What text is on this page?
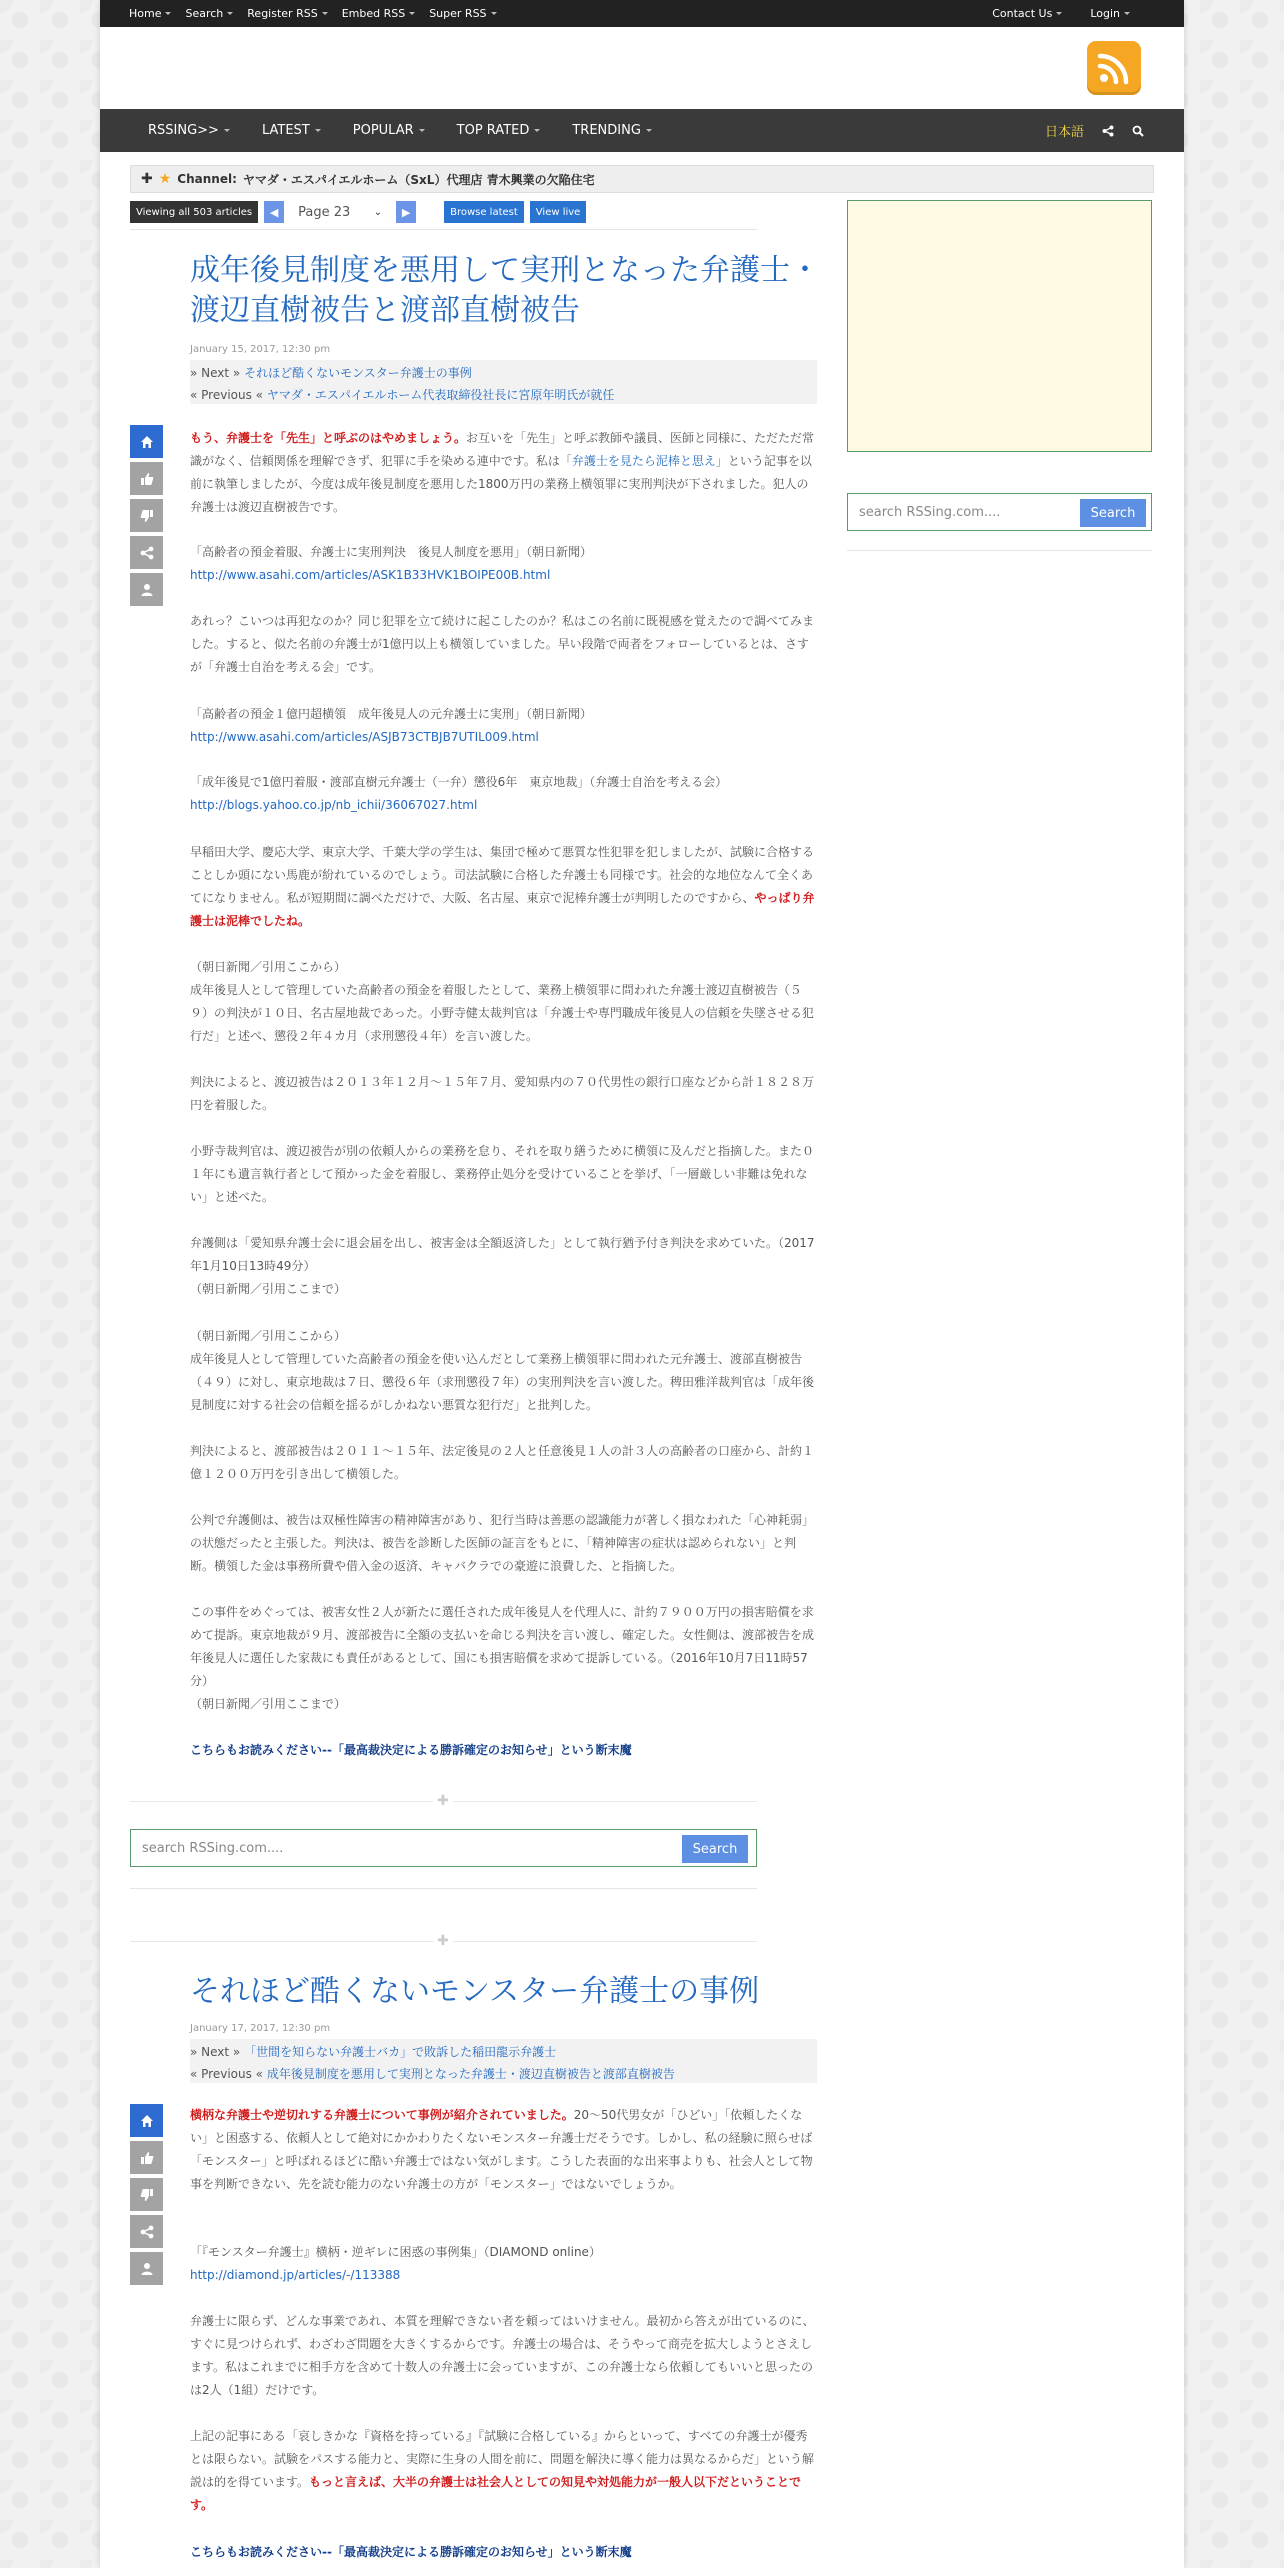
Home Search Register RSS Embed RSS Super RSS	Contact Us	Login
RSSING>>	LATEST	POPULAR	TOP RATED	TRENDING	日本語
✚ ★ Channel: ヤマダ・エスパイエルホーム（SxL）代理店 青木興業の欠陥住宅
Viewing all 503 articles	◀	Page 23 ⌄	▶	Browse latest	View live
search RSSing.com....	Search
成年後見制度を悪用して実刑となった弁護士・渡辺直樹被告と渡部直樹被告
January 15, 2017, 12:30 pm
» Next » それほど酷くないモンスター弁護士の事例
« Previous « ヤマダ・エスパイエルホーム代表取締役社長に宮原年明氏が就任
もう、弁護士を「先生」と呼ぶのはやめましょう。お互いを「先生」と呼ぶ教師や議員、医師と同様に、ただただ常識がなく、信頼関係を理解できず、犯罪に手を染める連中です。私は「弁護士を見たら泥棒と思え」という記事を以前に執筆しましたが、今度は成年後見制度を悪用した1800万円の業務上横領罪に実刑判決が下されました。犯人の弁護士は渡辺直樹被告です。
「高齢者の預金着服、弁護士に実刑判決　後見人制度を悪用」（朝日新聞）
http://www.asahi.com/articles/ASK1B33HVK1BOIPE00B.html
あれっ？こいつは再犯なのか？同じ犯罪を立て続けに起こしたのか？私はこの名前に既視感を覚えたので調べてみました。すると、似た名前の弁護士が1億円以上も横領していました。早い段階で両者をフォローしているとは、さすが「弁護士自治を考える会」です。
「高齢者の預金１億円超横領　成年後見人の元弁護士に実刑」（朝日新聞）
http://www.asahi.com/articles/ASJB73CTBJB7UTIL009.html
「成年後見で1億円着服・渡部直樹元弁護士（一弁）懲役6年　東京地裁」（弁護士自治を考える会）
http://blogs.yahoo.co.jp/nb_ichii/36067027.html
早稲田大学、慶応大学、東京大学、千葉大学の学生は、集団で極めて悪質な性犯罪を犯しましたが、試験に合格することしか頭にない馬鹿が紛れているのでしょう。司法試験に合格した弁護士も同様です。社会的な地位なんて全くあてになりません。私が短期間に調べただけで、大阪、名古屋、東京で泥棒弁護士が判明したのですから、やっぱり弁護士は泥棒でしたね。
（朝日新聞／引用ここから）
成年後見人として管理していた高齢者の預金を着服したとして、業務上横領罪に問われた弁護士渡辺直樹被告（５９）の判決が１０日、名古屋地裁であった。小野寺健太裁判官は「弁護士や専門職成年後見人の信頼を失墜させる犯行だ」と述べ、懲役２年４カ月（求刑懲役４年）を言い渡した。
判決によると、渡辺被告は２０１３年１２月～１５年７月、愛知県内の７０代男性の銀行口座などから計１８２８万円を着服した。
小野寺裁判官は、渡辺被告が別の依頼人からの業務を怠り、それを取り繕うために横領に及んだと指摘した。また０１年にも遺言執行者として預かった金を着服し、業務停止処分を受けていることを挙げ、「一層厳しい非難は免れない」と述べた。
弁護側は「愛知県弁護士会に退会届を出し、被害金は全額返済した」として執行猶予付き判決を求めていた。（2017年1月10日13時49分）
（朝日新聞／引用ここまで）
（朝日新聞／引用ここから）
成年後見人として管理していた高齢者の預金を使い込んだとして業務上横領罪に問われた元弁護士、渡部直樹被告（４９）に対し、東京地裁は７日、懲役６年（求刑懲役７年）の実刑判決を言い渡した。稗田雅洋裁判官は「成年後見制度に対する社会の信頼を揺るがしかねない悪質な犯行だ」と批判した。
判決によると、渡部被告は２０１１～１５年、法定後見の２人と任意後見１人の計３人の高齢者の口座から、計約１億１２００万円を引き出して横領した。
公判で弁護側は、被告は双極性障害の精神障害があり、犯行当時は善悪の認識能力が著しく損なわれた「心神耗弱」の状態だったと主張した。判決は、被告を診断した医師の証言をもとに、「精神障害の症状は認められない」と判断。横領した金は事務所費や借入金の返済、キャバクラでの豪遊に浪費した、と指摘した。
この事件をめぐっては、被害女性２人が新たに選任された成年後見人を代理人に、計約７９００万円の損害賠償を求めて提訴。東京地裁が９月、渡部被告に全額の支払いを命じる判決を言い渡し、確定した。女性側は、渡部被告を成年後見人に選任した家裁にも責任があるとして、国にも損害賠償を求めて提訴している。（2016年10月7日11時57分）
（朝日新聞／引用ここまで）
こちらもお読みください--「最高裁決定による勝訴確定のお知らせ」という断末魔
✚
search RSSing.com....	Search
✚
それほど酷くないモンスター弁護士の事例
January 17, 2017, 12:30 pm
» Next » 「世間を知らない弁護士バカ」で敗訴した稲田龍示弁護士
« Previous « 成年後見制度を悪用して実刑となった弁護士・渡辺直樹被告と渡部直樹被告
横柄な弁護士や逆切れする弁護士について事例が紹介されていました。20～50代男女が「ひどい」「依頼したくない」と困惑する、依頼人として絶対にかかわりたくないモンスター弁護士だそうです。しかし、私の経験に照らせば「モンスター」と呼ばれるほどに酷い弁護士ではない気がします。こうした表面的な出来事よりも、社会人として物事を判断できない、先を読む能力のない弁護士の方が「モンスター」ではないでしょうか。
「『モンスター弁護士』横柄・逆ギレに困惑の事例集」（DIAMOND online）
http://diamond.jp/articles/-/113388
弁護士に限らず、どんな事業であれ、本質を理解できない者を頼ってはいけません。最初から答えが出ているのに、すぐに見つけられず、わざわざ問題を大きくするからです。弁護士の場合は、そうやって商売を拡大しようとさえします。私はこれまでに相手方を含めて十数人の弁護士に会っていますが、この弁護士なら依頼してもいいと思ったのは2人（1組）だけです。
上記の記事にある「哀しきかな『資格を持っている』『試験に合格している』からといって、すべての弁護士が優秀とは限らない。試験をパスする能力と、実際に生身の人間を前に、問題を解決に導く能力は異なるからだ」という解説は的を得ています。もっと言えば、大半の弁護士は社会人としての知見や対処能力が一般人以下だということです。
こちらもお読みください--「最高裁決定による勝訴確定のお知らせ」という断末魔
